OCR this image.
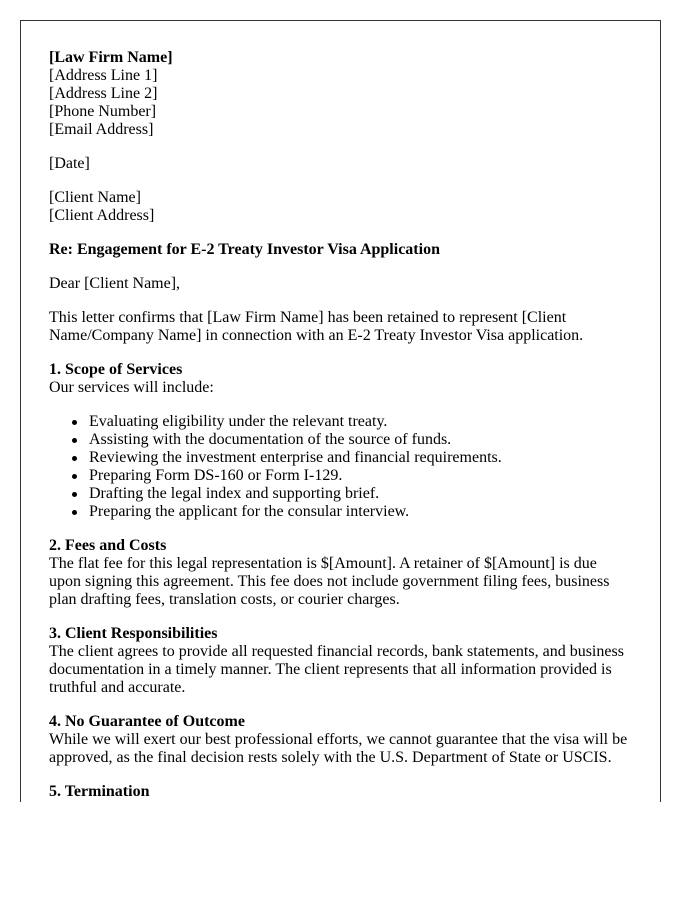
[Law Firm Name]
[Address Line 1]
[Address Line 2]
[Phone Number]
[Email Address]

[Date]

[Client Name]
[Client Address]

Re: Engagement for E-2 Treaty Investor Visa Application

Dear [Client Name],

This letter confirms that [Law Firm Name] has been retained to represent [Client Name/Company Name] in connection with an E-2 Treaty Investor Visa application.

1. Scope of Services

Our services will include:

Evaluating eligibility under the relevant treaty.
Assisting with the documentation of the source of funds.
Reviewing the investment enterprise and financial requirements.
Preparing Form DS-160 or Form I-129.
Drafting the legal index and supporting brief.
Preparing the applicant for the consular interview.
2. Fees and Costs
The flat fee for this legal representation is $[Amount]. A retainer of $[Amount] is due upon signing this agreement. This fee does not include government filing fees, business plan drafting fees, translation costs, or courier charges.
3. Client Responsibilities
The client agrees to provide all requested financial records, bank statements, and business documentation in a timely manner. The client represents that all information provided is truthful and accurate.
4. No Guarantee of Outcome
While we will exert our best professional efforts, we cannot guarantee that the visa will be approved, as the final decision rests solely with the U.S. Department of State or USCIS.
5. Termination
